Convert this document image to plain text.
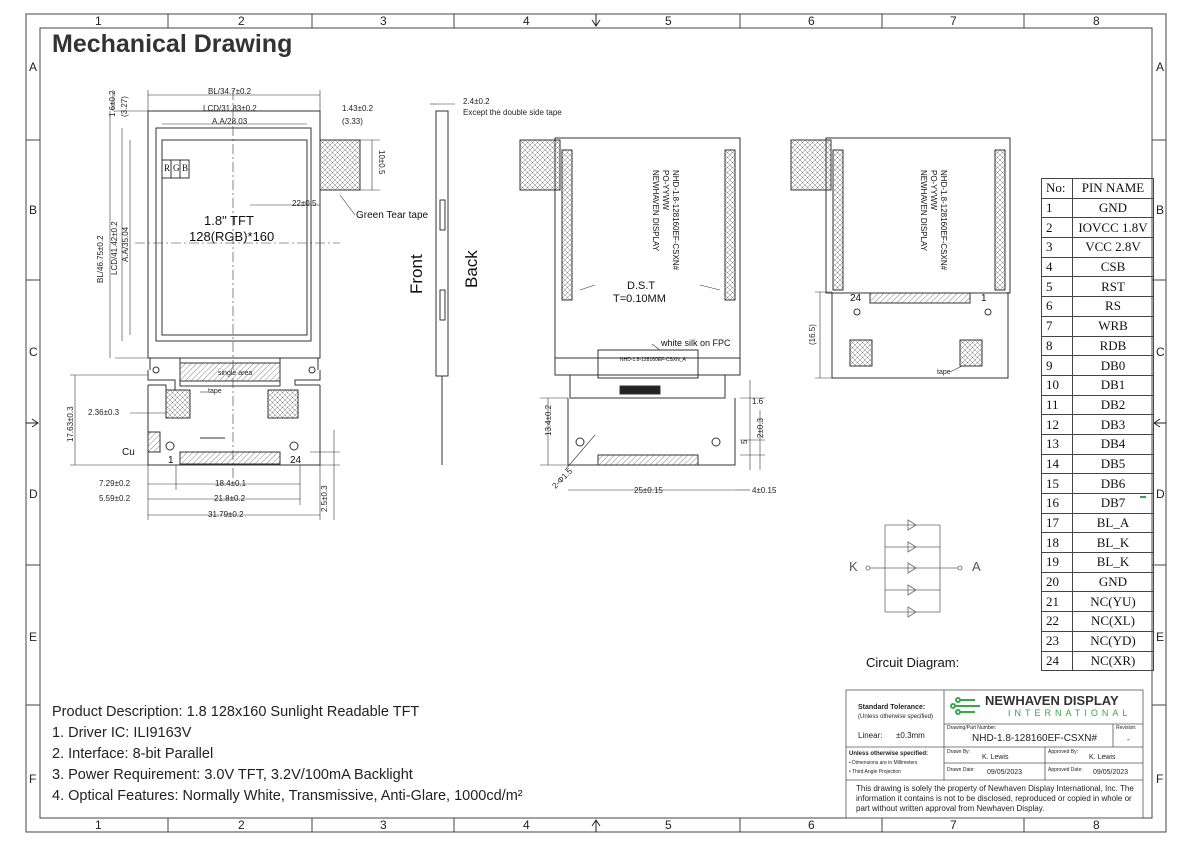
1	2	3	4	5	6	7	8
1	2	3	4	5	6	7	8
A
B
C
D
E
F
A
B
C
D
E
F
Mechanical Drawing
BL/34.7±0.2
LCD/31.83±0.2
A.A/28.03
1.43±0.2
(3.33)
1.6±0.2 (3.27)
BL/46.75±0.2 LCD/41.42±0.2 A.A/35.04
10±0.5
22±0.5
17.63±0.3 2.36±0.3
7.29±0.2	18.4±0.1
5.59±0.2	21.8±0.2
31.79±0.2
2.5±0.3
R G B
1.8" TFT
128(RGB)*160
Green Tear tape
single area
tape
Cu
1	24
2.4±0.2
Except the double side tape
Front Back
NEWHAVEN DISPLAY PO-YYWW NHD-1.8-128160EF-CSXN#
D.S.T
T=0.10MM
white silk on FPC
NHD-1.8-128160EF-CSXN_A
13.4±0.2
1.6
5
2±0.3
2-Φ1.5
25±0.15	4±0.15
NEWHAVEN DISPLAY PO-YYWW NHD-1.8-128160EF-CSXN#
24	1
(16.5)
tape
K	A
Circuit Diagram:
No:	PIN NAME
1	GND
2	IOVCC 1.8V
3	VCC 2.8V
4	CSB
5	RST
6	RS
7	WRB
8	RDB
9	DB0
10	DB1
11	DB2
12	DB3
13	DB4
14	DB5
15	DB6
16	DB7
17	BL_A
18	BL_K
19	BL_K
20	GND
21	NC(YU)
22	NC(XL)
23	NC(YD)
24	NC(XR)
Product Description: 1.8 128x160 Sunlight Readable TFT
1. Driver IC: ILI9163V
2. Interface: 8-bit Parallel
3. Power Requirement: 3.0V TFT, 3.2V/100mA Backlight
4. Optical Features: Normally White, Transmissive, Anti-Glare, 1000cd/m²
Standard Tolerance:
(Unless otherwise specified)
Linear: ±0.3mm
NEWHAVEN DISPLAY
INTERNATIONAL
Drawing/Part Number:
NHD-1.8-128160EF-CSXN#
Revision:
-
Unless otherwise specified:
• Dimensions are in Millimeters
• Third Angle Projection
Drawn By:
K. Lewis
Approved By:
K. Lewis
Drawn Date: 09/05/2023	Approved Date: 09/05/2023
This drawing is solely the property of Newhaven Display International, Inc. The information it contains is not to be disclosed, reproduced or copied in whole or part without written approval from Newhaven Display.
